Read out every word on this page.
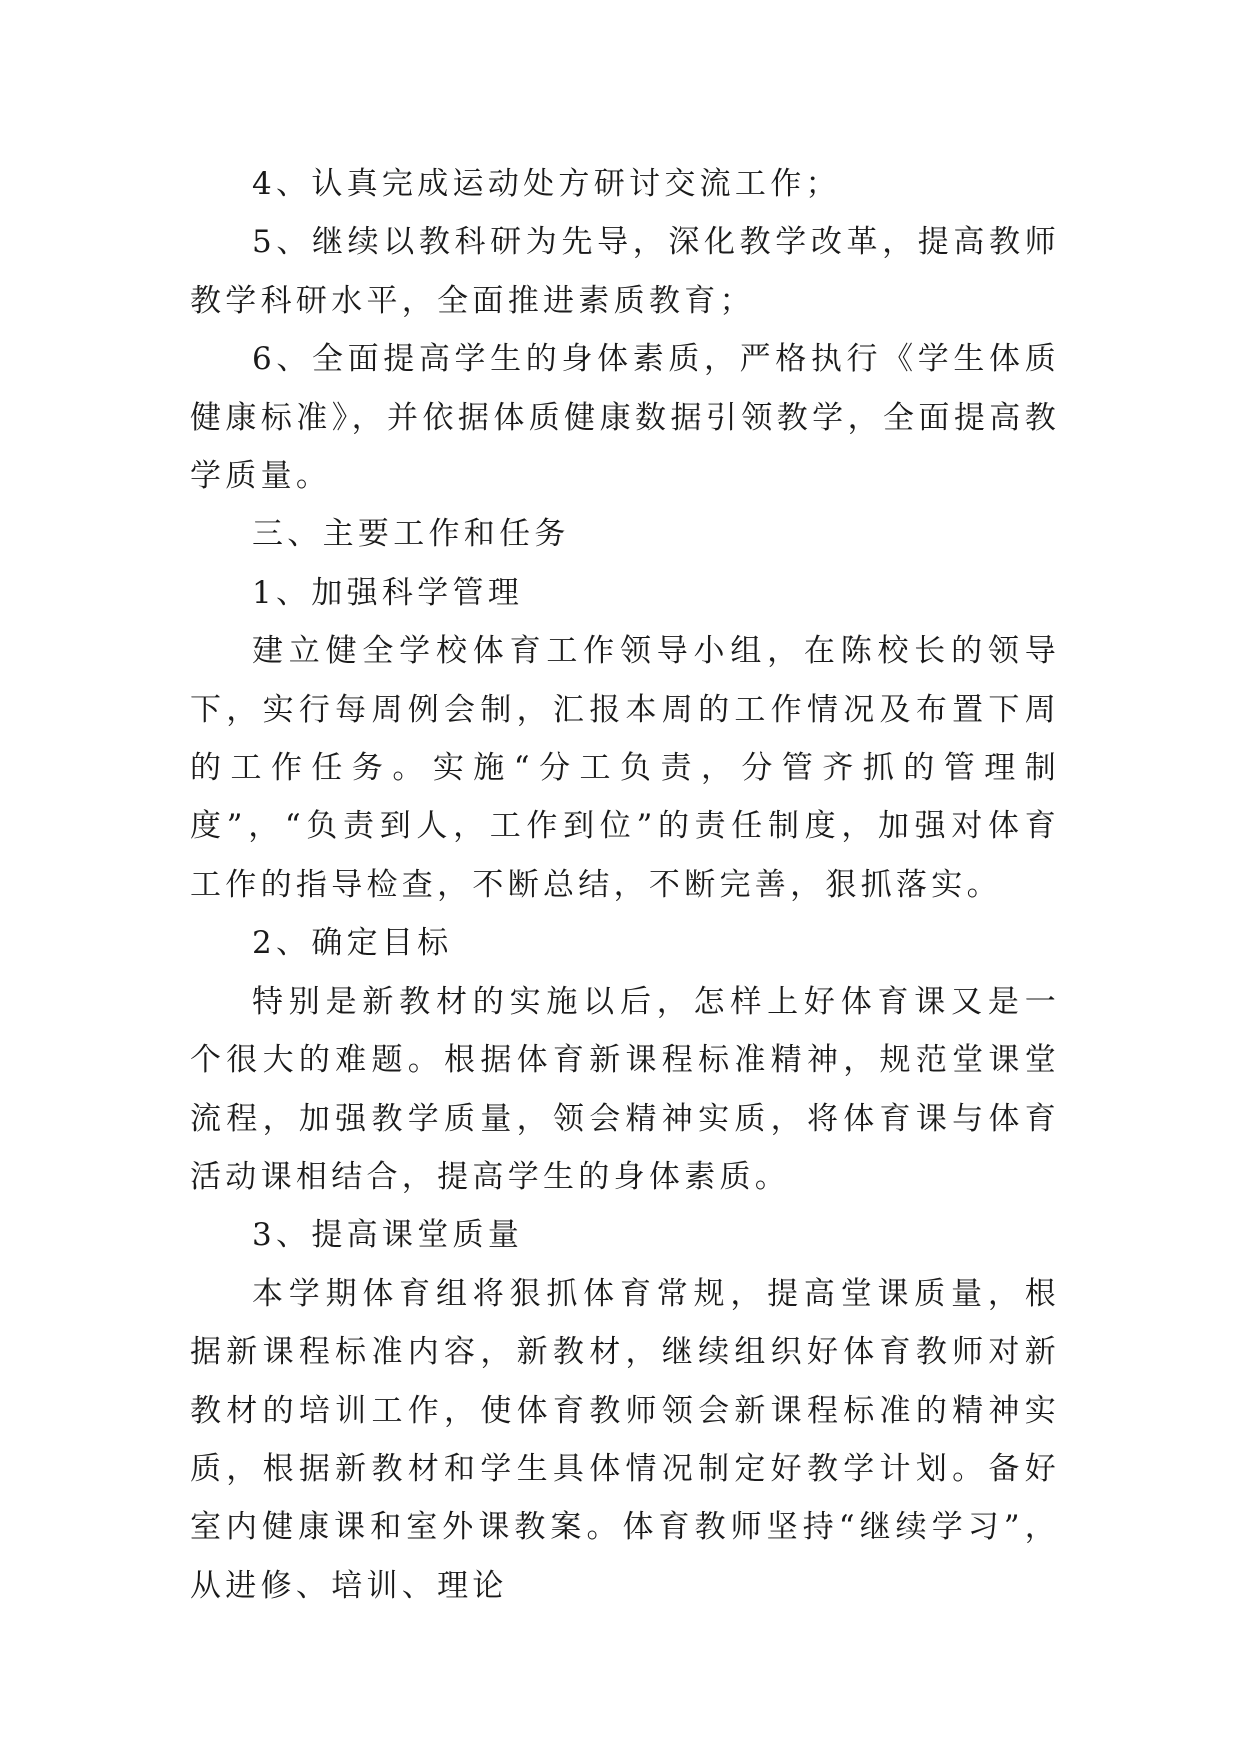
4、认真完成运动处方研讨交流工作；

5、继续以教科研为先导，深化教学改革，提高教师教学科研水平，全面推进素质教育；

6、全面提高学生的身体素质，严格执行《学生体质健康标准》，并依据体质健康数据引领教学，全面提高教学质量。

三、主要工作和任务

1、加强科学管理

建立健全学校体育工作领导小组，在陈校长的领导下，实行每周例会制，汇报本周的工作情况及布置下周的工作任务。实施“分工负责，分管齐抓的管理制度”，“负责到人，工作到位”的责任制度，加强对体育工作的指导检查，不断总结，不断完善，狠抓落实。

2、确定目标

特别是新教材的实施以后，怎样上好体育课又是一个很大的难题。根据体育新课程标准精神，规范堂课堂流程，加强教学质量，领会精神实质，将体育课与体育活动课相结合，提高学生的身体素质。

3、提高课堂质量

本学期体育组将狠抓体育常规，提高堂课质量，根据新课程标准内容，新教材，继续组织好体育教师对新教材的培训工作，使体育教师领会新课程标准的精神实质，根据新教材和学生具体情况制定好教学计划。备好室内健康课和室外课教案。体育教师坚持“继续学习”，从进修、培训、理论
